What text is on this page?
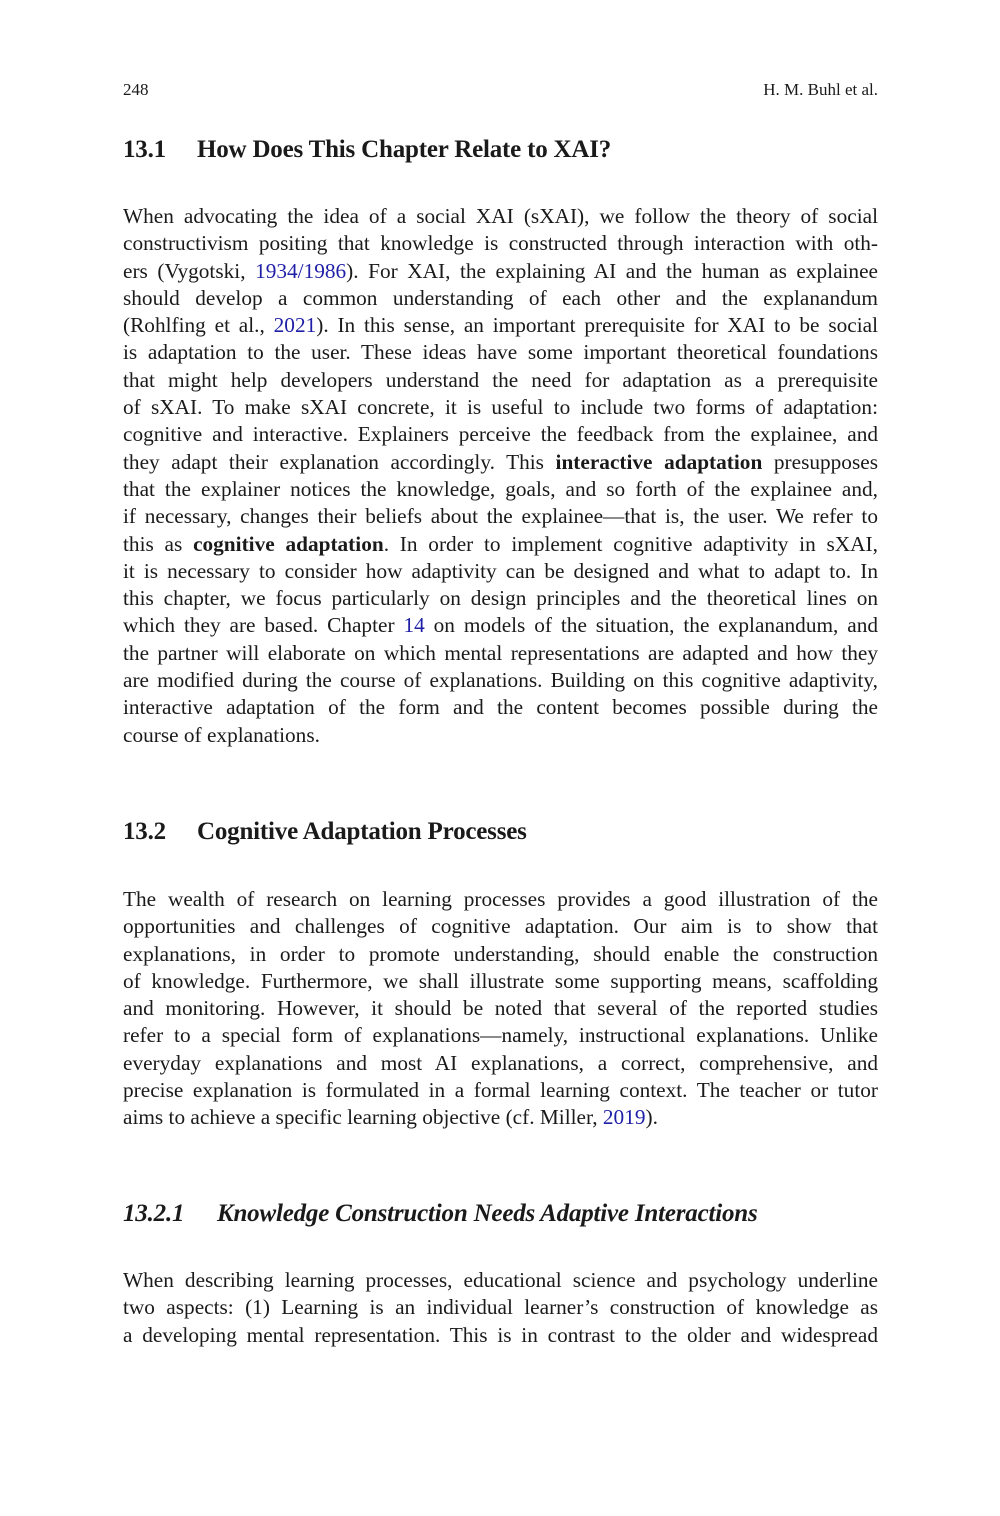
248	H. M. Buhl et al.
13.1 How Does This Chapter Relate to XAI?
When advocating the idea of a social XAI (sXAI), we follow the theory of social
constructivism positing that knowledge is constructed through interaction with oth-
ers (Vygotski, 1934/1986). For XAI, the explaining AI and the human as explainee
should develop a common understanding of each other and the explanandum
(Rohlfing et al., 2021). In this sense, an important prerequisite for XAI to be social
is adaptation to the user. These ideas have some important theoretical foundations
that might help developers understand the need for adaptation as a prerequisite
of sXAI. To make sXAI concrete, it is useful to include two forms of adaptation:
cognitive and interactive. Explainers perceive the feedback from the explainee, and
they adapt their explanation accordingly. This interactive adaptation presupposes
that the explainer notices the knowledge, goals, and so forth of the explainee and,
if necessary, changes their beliefs about the explainee—that is, the user. We refer to
this as cognitive adaptation. In order to implement cognitive adaptivity in sXAI,
it is necessary to consider how adaptivity can be designed and what to adapt to. In
this chapter, we focus particularly on design principles and the theoretical lines on
which they are based. Chapter 14 on models of the situation, the explanandum, and
the partner will elaborate on which mental representations are adapted and how they
are modified during the course of explanations. Building on this cognitive adaptivity,
interactive adaptation of the form and the content becomes possible during the
course of explanations.
13.2 Cognitive Adaptation Processes
The wealth of research on learning processes provides a good illustration of the
opportunities and challenges of cognitive adaptation. Our aim is to show that
explanations, in order to promote understanding, should enable the construction
of knowledge. Furthermore, we shall illustrate some supporting means, scaffolding
and monitoring. However, it should be noted that several of the reported studies
refer to a special form of explanations—namely, instructional explanations. Unlike
everyday explanations and most AI explanations, a correct, comprehensive, and
precise explanation is formulated in a formal learning context. The teacher or tutor
aims to achieve a specific learning objective (cf. Miller, 2019).
13.2.1 Knowledge Construction Needs Adaptive Interactions
When describing learning processes, educational science and psychology underline
two aspects: (1) Learning is an individual learner’s construction of knowledge as
a developing mental representation. This is in contrast to the older and widespread
